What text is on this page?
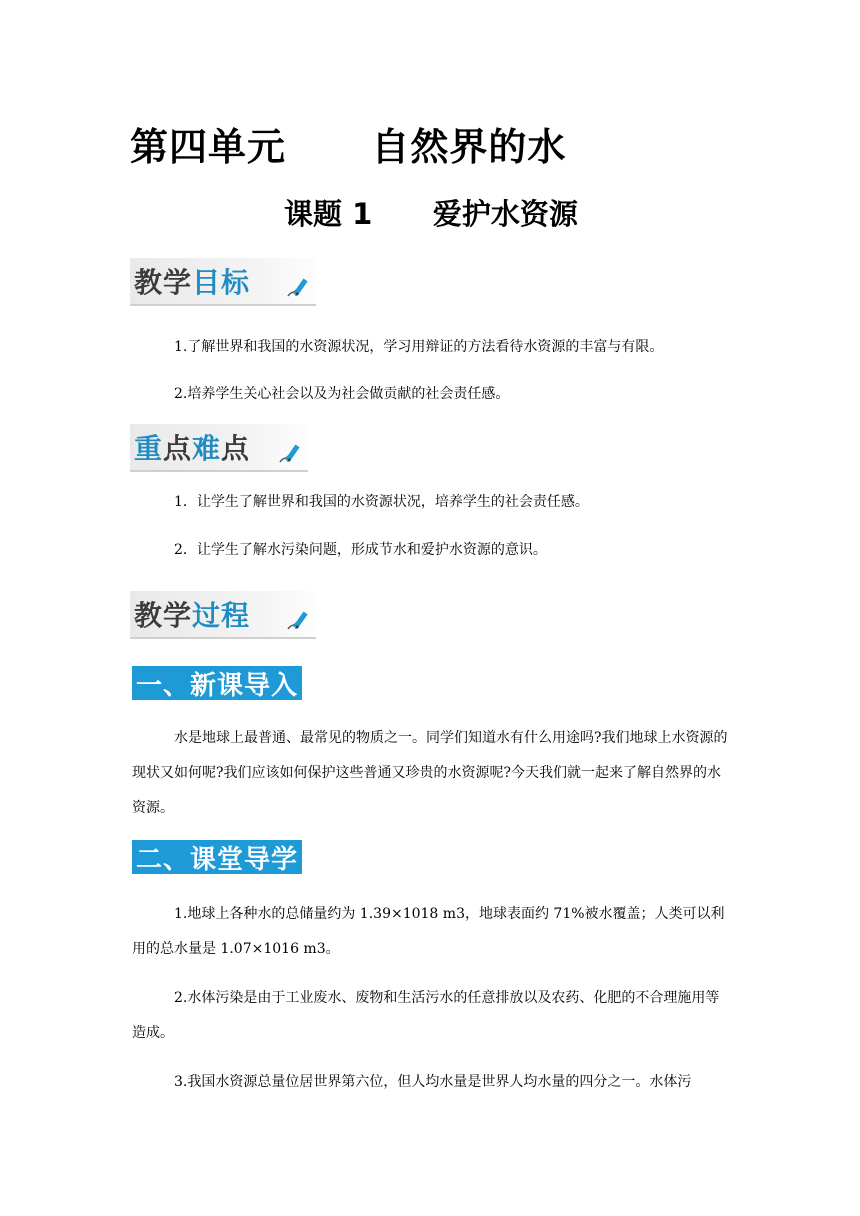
第四单元      自然界的水
课题 1      爱护水资源
教学目标
1.了解世界和我国的水资源状况，学习用辩证的方法看待水资源的丰富与有限。
2.培养学生关心社会以及为社会做贡献的社会责任感。
重点难点
1．让学生了解世界和我国的水资源状况，培养学生的社会责任感。
2．让学生了解水污染问题，形成节水和爱护水资源的意识。
教学过程
一、新课导入
水是地球上最普通、最常见的物质之一。同学们知道水有什么用途吗?我们地球上水资源的现状又如何呢?我们应该如何保护这些普通又珍贵的水资源呢?今天我们就一起来了解自然界的水资源。
二、课堂导学
1.地球上各种水的总储量约为 1.39×1018 m3，地球表面约 71%被水覆盖；人类可以利用的总水量是 1.07×1016 m3。
2.水体污染是由于工业废水、废物和生活污水的任意排放以及农药、化肥的不合理施用等造成。
3.我国水资源总量位居世界第六位，但人均水量是世界人均水量的四分之一。水体污
